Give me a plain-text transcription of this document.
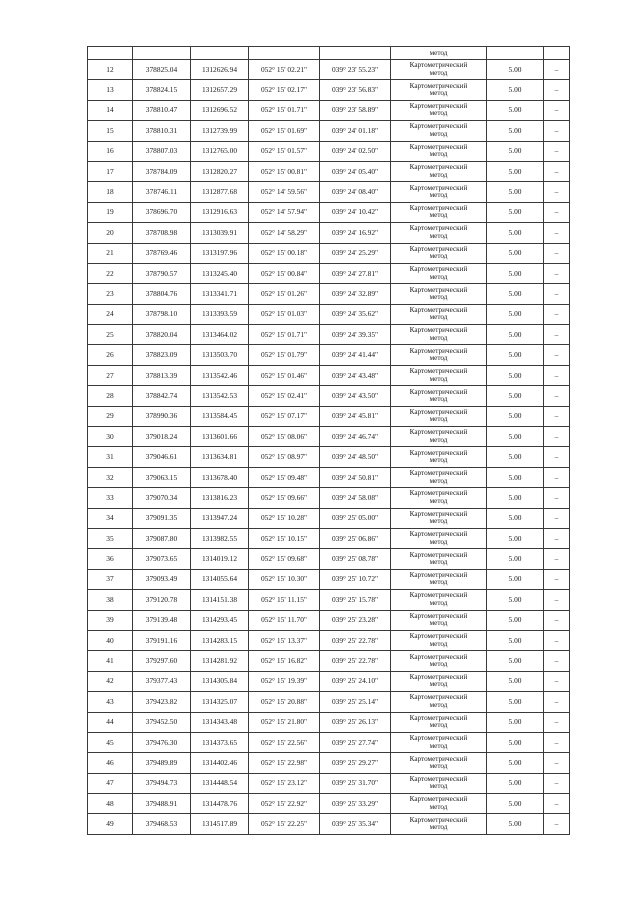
					метод		

12	378825.04	1312626.94	052° 15' 02.21"	039° 23' 55.23"	Картометрический
метод	5.00	–
13	378824.15	1312657.29	052° 15' 02.17"	039° 23' 56.83"	Картометрический
метод	5.00	–
14	378810.47	1312696.52	052° 15' 01.71"	039° 23' 58.89"	Картометрический
метод	5.00	–
15	378810.31	1312739.99	052° 15' 01.69"	039° 24' 01.18"	Картометрический
метод	5.00	–
16	378807.03	1312765.00	052° 15' 01.57"	039° 24' 02.50"	Картометрический
метод	5.00	–
17	378784.09	1312820.27	052° 15' 00.81"	039° 24' 05.40"	Картометрический
метод	5.00	–
18	378746.11	1312877.68	052° 14' 59.56"	039° 24' 08.40"	Картометрический
метод	5.00	–
19	378696.70	1312916.63	052° 14' 57.94"	039° 24' 10.42"	Картометрический
метод	5.00	–
20	378708.98	1313039.91	052° 14' 58.29"	039° 24' 16.92"	Картометрический
метод	5.00	–
21	378769.46	1313197.96	052° 15' 00.18"	039° 24' 25.29"	Картометрический
метод	5.00	–
22	378790.57	1313245.40	052° 15' 00.84"	039° 24' 27.81"	Картометрический
метод	5.00	–
23	378804.76	1313341.71	052° 15' 01.26"	039° 24' 32.89"	Картометрический
метод	5.00	–
24	378798.10	1313393.59	052° 15' 01.03"	039° 24' 35.62"	Картометрический
метод	5.00	–
25	378820.04	1313464.02	052° 15' 01.71"	039° 24' 39.35"	Картометрический
метод	5.00	–
26	378823.09	1313503.70	052° 15' 01.79"	039° 24' 41.44"	Картометрический
метод	5.00	–
27	378813.39	1313542.46	052° 15' 01.46"	039° 24' 43.48"	Картометрический
метод	5.00	–
28	378842.74	1313542.53	052° 15' 02.41"	039° 24' 43.50"	Картометрический
метод	5.00	–
29	378990.36	1313584.45	052° 15' 07.17"	039° 24' 45.81"	Картометрический
метод	5.00	–
30	379018.24	1313601.66	052° 15' 08.06"	039° 24' 46.74"	Картометрический
метод	5.00	–
31	379046.61	1313634.81	052° 15' 08.97"	039° 24' 48.50"	Картометрический
метод	5.00	–
32	379063.15	1313678.40	052° 15' 09.48"	039° 24' 50.81"	Картометрический
метод	5.00	–
33	379070.34	1313816.23	052° 15' 09.66"	039° 24' 58.08"	Картометрический
метод	5.00	–
34	379091.35	1313947.24	052° 15' 10.28"	039° 25' 05.00"	Картометрический
метод	5.00	–
35	379087.80	1313982.55	052° 15' 10.15"	039° 25' 06.86"	Картометрический
метод	5.00	–
36	379073.65	1314019.12	052° 15' 09.68"	039° 25' 08.78"	Картометрический
метод	5.00	–
37	379093.49	1314055.64	052° 15' 10.30"	039° 25' 10.72"	Картометрический
метод	5.00	–
38	379120.78	1314151.38	052° 15' 11.15"	039° 25' 15.78"	Картометрический
метод	5.00	–
39	379139.48	1314293.45	052° 15' 11.70"	039° 25' 23.28"	Картометрический
метод	5.00	–
40	379191.16	1314283.15	052° 15' 13.37"	039° 25' 22.78"	Картометрический
метод	5.00	–
41	379297.60	1314281.92	052° 15' 16.82"	039° 25' 22.78"	Картометрический
метод	5.00	–
42	379377.43	1314305.84	052° 15' 19.39"	039° 25' 24.10"	Картометрический
метод	5.00	–
43	379423.82	1314325.07	052° 15' 20.88"	039° 25' 25.14"	Картометрический
метод	5.00	–
44	379452.50	1314343.48	052° 15' 21.80"	039° 25' 26.13"	Картометрический
метод	5.00	–
45	379476.30	1314373.65	052° 15' 22.56"	039° 25' 27.74"	Картометрический
метод	5.00	–
46	379489.89	1314402.46	052° 15' 22.98"	039° 25' 29.27"	Картометрический
метод	5.00	–
47	379494.73	1314448.54	052° 15' 23.12"	039° 25' 31.70"	Картометрический
метод	5.00	–
48	379488.91	1314478.76	052° 15' 22.92"	039° 25' 33.29"	Картометрический
метод	5.00	–
49	379468.53	1314517.89	052° 15' 22.25"	039° 25' 35.34"	Картометрический
метод	5.00	–
